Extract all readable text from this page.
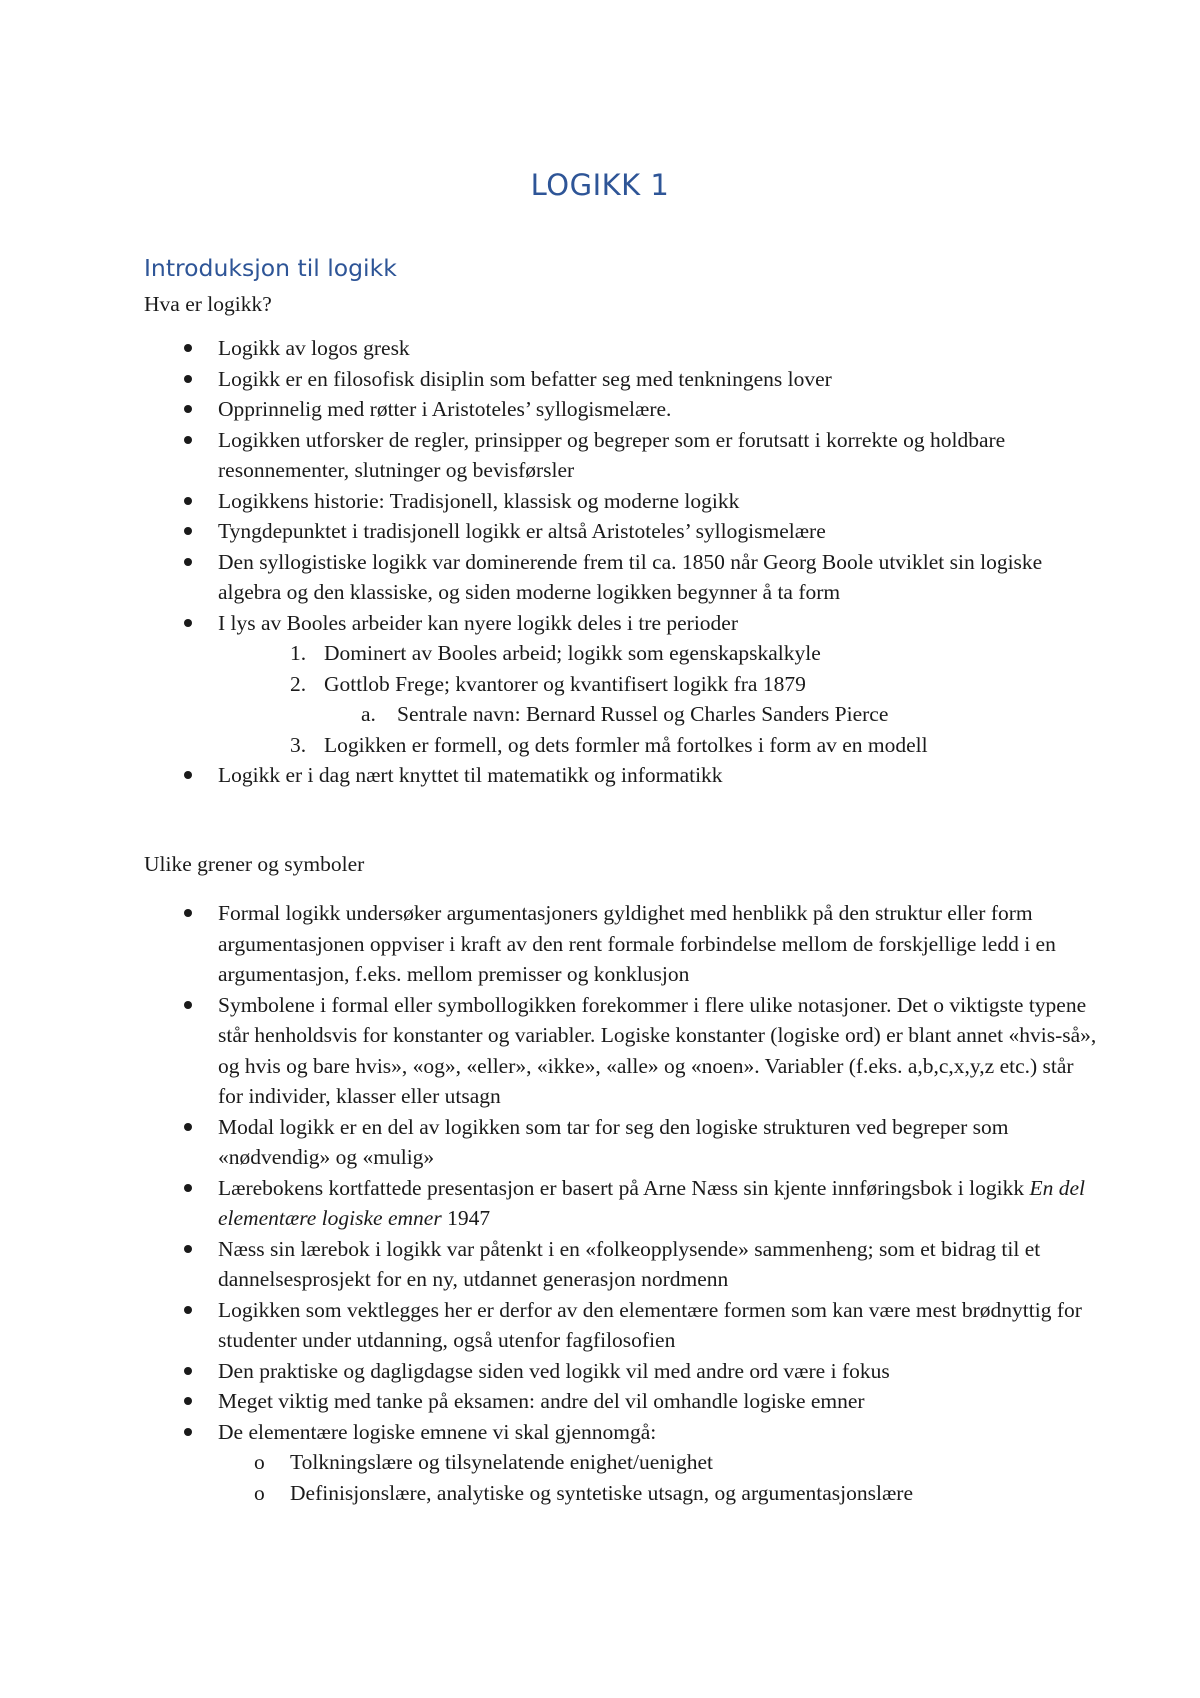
LOGIKK 1
Introduksjon til logikk

Hva er logikk?

Logikk av logos gresk
Logikk er en filosofisk disiplin som befatter seg med tenkningens lover
Opprinnelig med røtter i Aristoteles’ syllogismelære.
Logikken utforsker de regler, prinsipper og begreper som er forutsatt i korrekte og holdbare resonnementer, slutninger og bevisførsler
Logikkens historie: Tradisjonell, klassisk og moderne logikk
Tyngdepunktet i tradisjonell logikk er altså Aristoteles’ syllogismelære
Den syllogistiske logikk var dominerende frem til ca. 1850 når Georg Boole utviklet sin logiske algebra og den klassiske, og siden moderne logikken begynner å ta form
I lys av Booles arbeider kan nyere logikk deles i tre perioder
1. Dominert av Booles arbeid; logikk som egenskapskalkyle
2. Gottlob Frege; kvantorer og kvantifisert logikk fra 1879
a. Sentrale navn: Bernard Russel og Charles Sanders Pierce
3. Logikken er formell, og dets formler må fortolkes i form av en modell
Logikk er i dag nært knyttet til matematikk og informatikk

Ulike grener og symboler

Formal logikk undersøker argumentasjoners gyldighet med henblikk på den struktur eller form argumentasjonen oppviser i kraft av den rent formale forbindelse mellom de forskjellige ledd i en argumentasjon, f.eks. mellom premisser og konklusjon
Symbolene i formal eller symbollogikken forekommer i flere ulike notasjoner. Det o viktigste typene står henholdsvis for konstanter og variabler. Logiske konstanter (logiske ord) er blant annet «hvis-så», og hvis og bare hvis», «og», «eller», «ikke», «alle» og «noen». Variabler (f.eks. a,b,c,x,y,z etc.) står for individer, klasser eller utsagn
Modal logikk er en del av logikken som tar for seg den logiske strukturen ved begreper som «nødvendig» og «mulig»
Lærebokens kortfattede presentasjon er basert på Arne Næss sin kjente innføringsbok i logikk En del elementære logiske emner 1947
Næss sin lærebok i logikk var påtenkt i en «folkeopplysende» sammenheng; som et bidrag til et dannelsesprosjekt for en ny, utdannet generasjon nordmenn
Logikken som vektlegges her er derfor av den elementære formen som kan være mest brødnyttig for studenter under utdanning, også utenfor fagfilosofien
Den praktiske og dagligdagse siden ved logikk vil med andre ord være i fokus
Meget viktig med tanke på eksamen: andre del vil omhandle logiske emner
De elementære logiske emnene vi skal gjennomgå:
o Tolkningslære og tilsynelatende enighet/uenighet
o Definisjonslære, analytiske og syntetiske utsagn, og argumentasjonslære
